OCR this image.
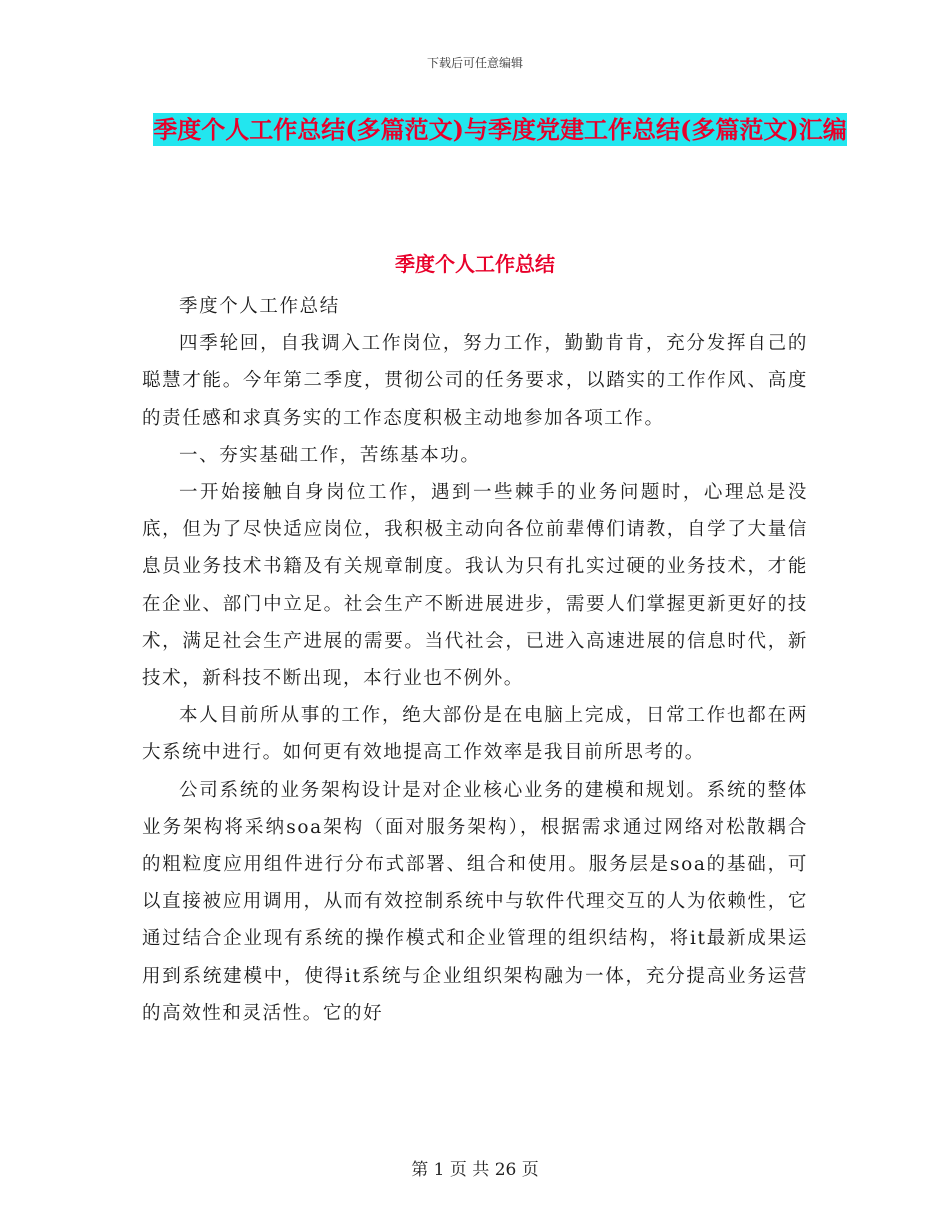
下载后可任意编辑
季度个人工作总结(多篇范文)与季度党建工作总结(多篇范文)汇编
季度个人工作总结

季度个人工作总结

四季轮回，自我调入工作岗位，努力工作，勤勤肯肯，充分发挥自己的聪慧才能。今年第二季度，贯彻公司的任务要求，以踏实的工作作风、高度的责任感和求真务实的工作态度积极主动地参加各项工作。

一、夯实基础工作，苦练基本功。

一开始接触自身岗位工作，遇到一些棘手的业务问题时，心理总是没底，但为了尽快适应岗位，我积极主动向各位前辈傅们请教，自学了大量信息员业务技术书籍及有关规章制度。我认为只有扎实过硬的业务技术，才能在企业、部门中立足。社会生产不断进展进步，需要人们掌握更新更好的技术，满足社会生产进展的需要。当代社会，已进入高速进展的信息时代，新技术，新科技不断出现，本行业也不例外。

本人目前所从事的工作，绝大部份是在电脑上完成，日常工作也都在两大系统中进行。如何更有效地提高工作效率是我目前所思考的。

公司系统的业务架构设计是对企业核心业务的建模和规划。系统的整体业务架构将采纳soa架构（面对服务架构），根据需求通过网络对松散耦合的粗粒度应用组件进行分布式部署、组合和使用。服务层是soa的基础，可以直接被应用调用，从而有效控制系统中与软件代理交互的人为依赖性，它通过结合企业现有系统的操作模式和企业管理的组织结构，将it最新成果运用到系统建模中，使得it系统与企业组织架构融为一体，充分提高业务运营的高效性和灵活性。它的好

第 1 页 共 26 页
